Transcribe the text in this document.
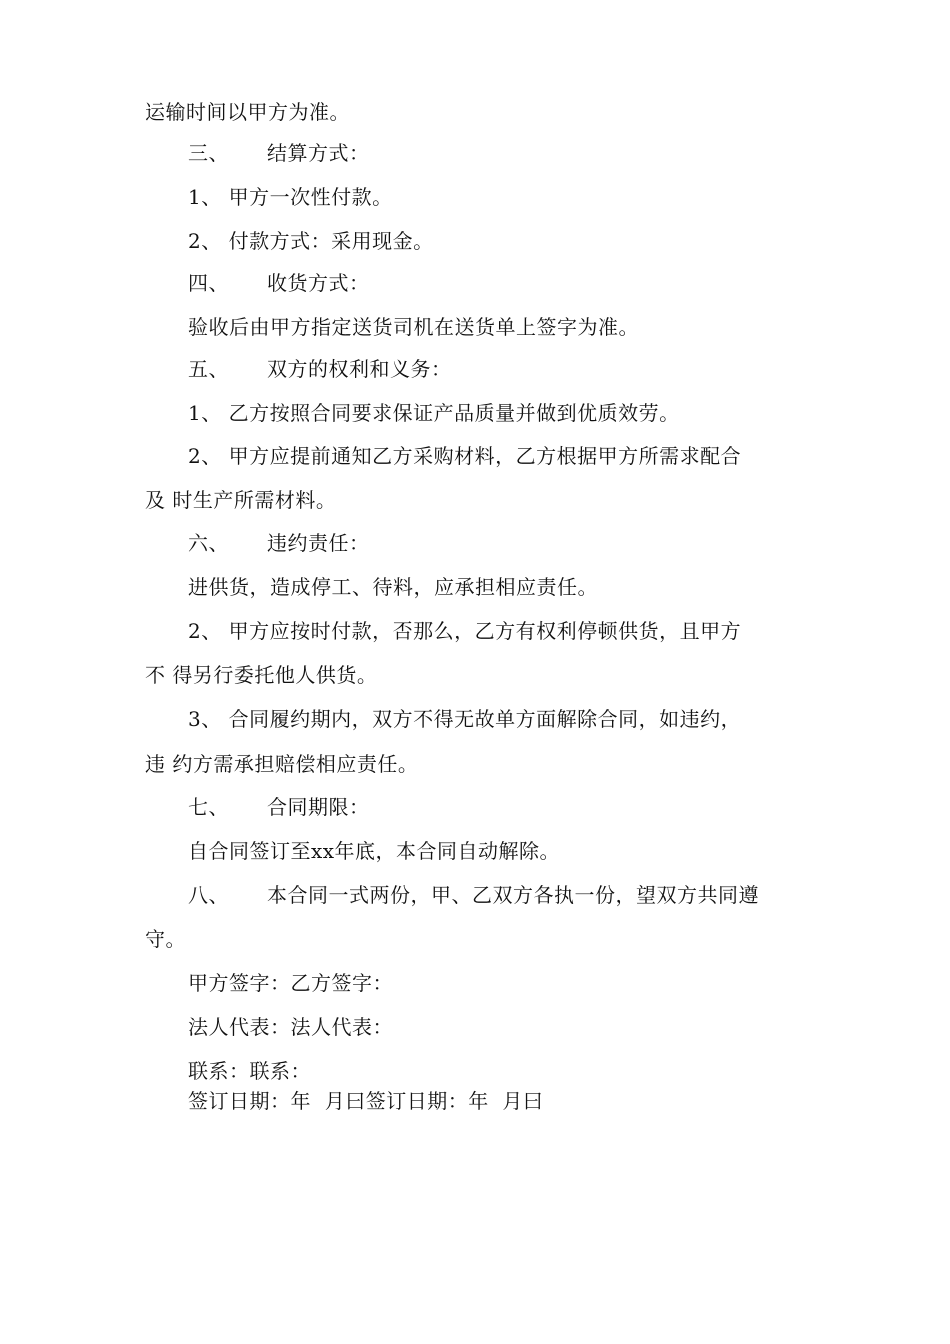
运输时间以甲方为准。
三、 结算方式：
1、 甲方一次性付款。
2、 付款方式：采用现金。
四、 收货方式：
验收后由甲方指定送货司机在送货单上签字为准。
五、 双方的权利和义务：
1、 乙方按照合同要求保证产品质量并做到优质效劳。
2、 甲方应提前通知乙方采购材料，乙方根据甲方所需求配合
及 时生产所需材料。
六、 违约责任：
进供货，造成停工、待料，应承担相应责任。
2、 甲方应按时付款，否那么，乙方有权利停顿供货，且甲方
不 得另行委托他人供货。
3、 合同履约期内，双方不得无故单方面解除合同，如违约，
违 约方需承担赔偿相应责任。
七、 合同期限：
自合同签订至xx年底，本合同自动解除。
八、 本合同一式两份，甲、乙双方各执一份，望双方共同遵
守。
甲方签字：乙方签字：
法人代表：法人代表：
联系：联系：
签订日期：年  月曰签订日期：年  月曰
